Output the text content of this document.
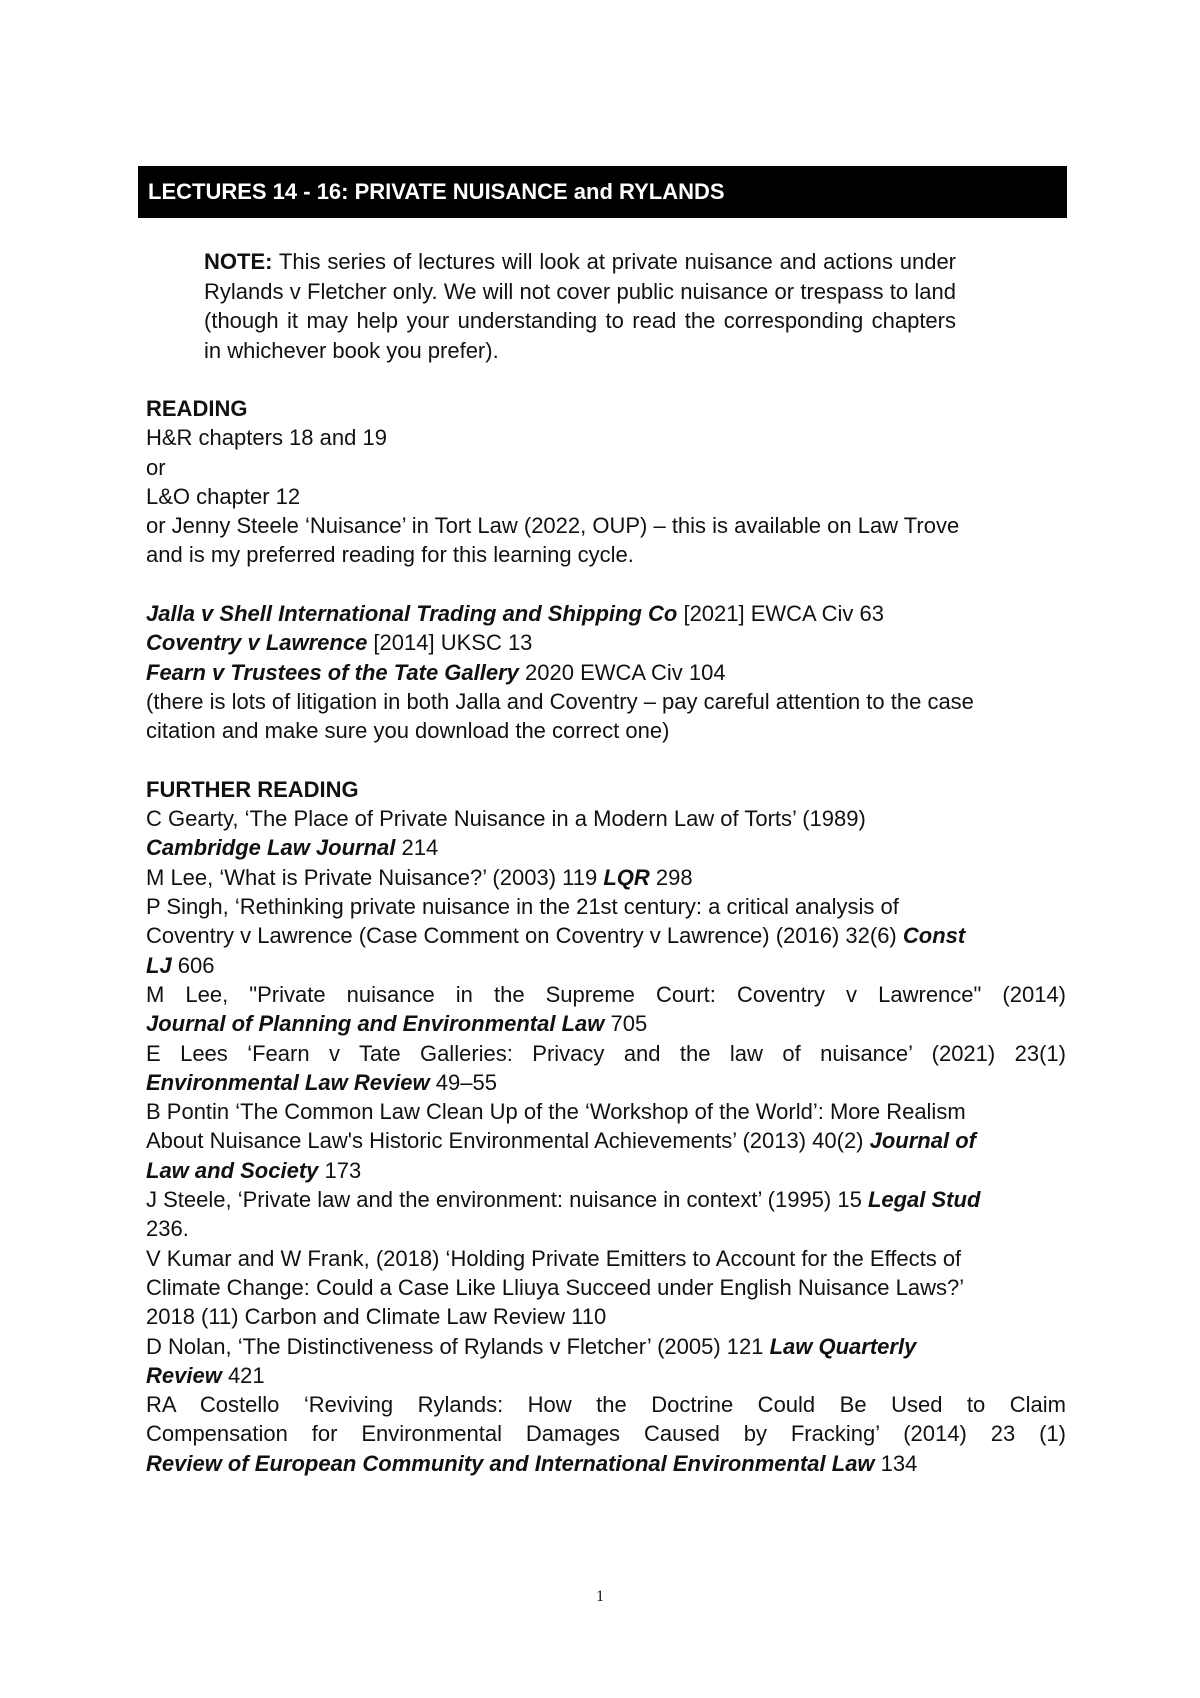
LECTURES 14 - 16: PRIVATE NUISANCE and RYLANDS
NOTE: This series of lectures will look at private nuisance and actions under Rylands v Fletcher only. We will not cover public nuisance or trespass to land (though it may help your understanding to read the corresponding chapters in whichever book you prefer).

READING

H&R chapters 18 and 19

or

L&O chapter 12

or Jenny Steele ‘Nuisance’ in Tort Law (2022, OUP) – this is available on Law Trove

and is my preferred reading for this learning cycle.

Jalla v Shell International Trading and Shipping Co [2021] EWCA Civ 63

Coventry v Lawrence [2014] UKSC 13

Fearn v Trustees of the Tate Gallery 2020 EWCA Civ 104

(there is lots of litigation in both Jalla and Coventry – pay careful attention to the case

citation and make sure you download the correct one)

FURTHER READING

C Gearty, ‘The Place of Private Nuisance in a Modern Law of Torts’ (1989)

Cambridge Law Journal 214

M Lee, ‘What is Private Nuisance?’ (2003) 119 LQR 298

P Singh, ‘Rethinking private nuisance in the 21st century: a critical analysis of

Coventry v Lawrence (Case Comment on Coventry v Lawrence) (2016) 32(6) Const

LJ 606

M Lee, "Private nuisance in the Supreme Court: Coventry v Lawrence" (2014)

Journal of Planning and Environmental Law 705

E Lees ‘Fearn v Tate Galleries: Privacy and the law of nuisance’ (2021) 23(1)

Environmental Law Review 49–55

B Pontin ‘The Common Law Clean Up of the ‘Workshop of the World’: More Realism

About Nuisance Law's Historic Environmental Achievements’ (2013) 40(2) Journal of

Law and Society 173

J Steele, ‘Private law and the environment: nuisance in context’ (1995) 15 Legal Stud

236.

V Kumar and W Frank, (2018) ‘Holding Private Emitters to Account for the Effects of

Climate Change: Could a Case Like Lliuya Succeed under English Nuisance Laws?’

2018 (11) Carbon and Climate Law Review 110

D Nolan, ‘The Distinctiveness of Rylands v Fletcher’ (2005) 121 Law Quarterly

Review 421

RA Costello ‘Reviving Rylands: How the Doctrine Could Be Used to Claim

Compensation for Environmental Damages Caused by Fracking’ (2014) 23 (1)

Review of European Community and International Environmental Law 134

1
